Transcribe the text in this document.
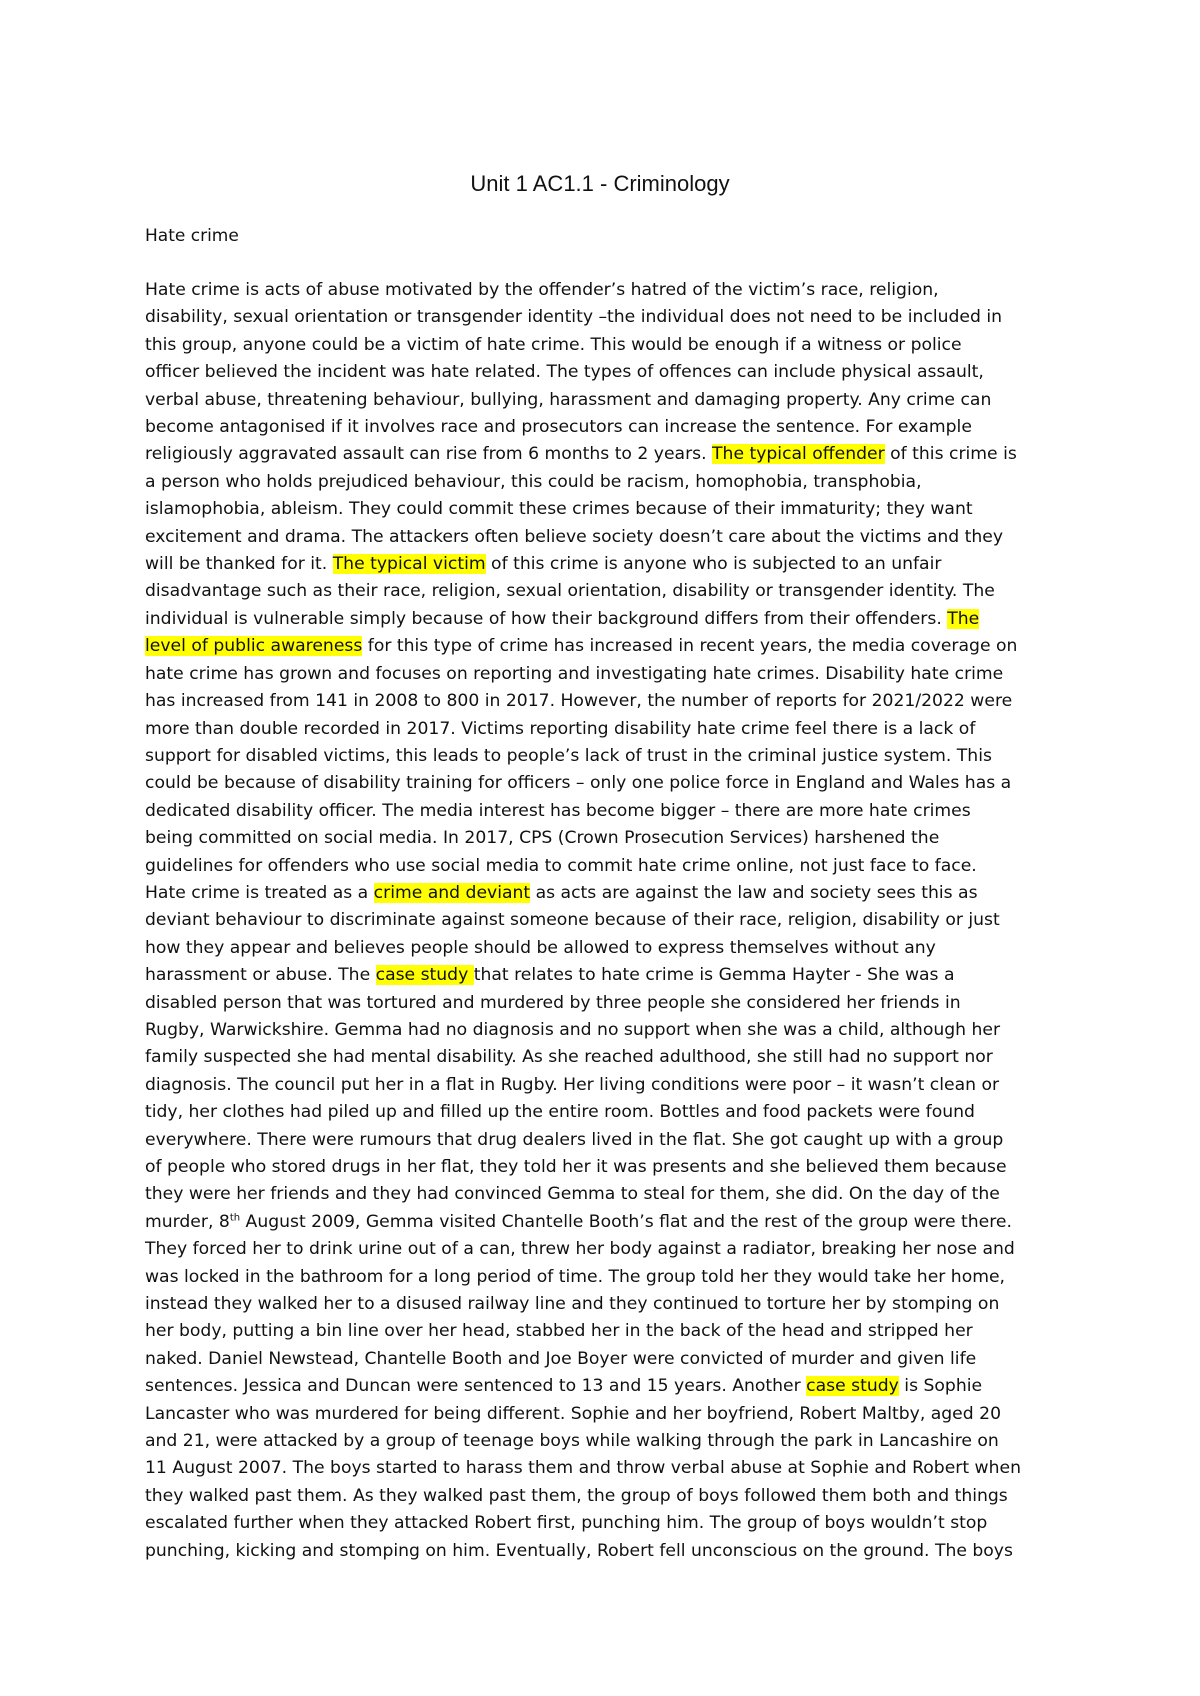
Unit 1 AC1.1 - Criminology

Hate crime

Hate crime is acts of abuse motivated by the offender’s hatred of the victim’s race, religion,
disability, sexual orientation or transgender identity –the individual does not need to be included in
this group, anyone could be a victim of hate crime. This would be enough if a witness or police
officer believed the incident was hate related. The types of offences can include physical assault,
verbal abuse, threatening behaviour, bullying, harassment and damaging property. Any crime can
become antagonised if it involves race and prosecutors can increase the sentence. For example
religiously aggravated assault can rise from 6 months to 2 years. The typical offender of this crime is
a person who holds prejudiced behaviour, this could be racism, homophobia, transphobia,
islamophobia, ableism. They could commit these crimes because of their immaturity; they want
excitement and drama. The attackers often believe society doesn’t care about the victims and they
will be thanked for it. The typical victim of this crime is anyone who is subjected to an unfair
disadvantage such as their race, religion, sexual orientation, disability or transgender identity. The
individual is vulnerable simply because of how their background differs from their offenders. The
level of public awareness for this type of crime has increased in recent years, the media coverage on
hate crime has grown and focuses on reporting and investigating hate crimes. Disability hate crime
has increased from 141 in 2008 to 800 in 2017. However, the number of reports for 2021/2022 were
more than double recorded in 2017. Victims reporting disability hate crime feel there is a lack of
support for disabled victims, this leads to people’s lack of trust in the criminal justice system. This
could be because of disability training for officers – only one police force in England and Wales has a
dedicated disability officer. The media interest has become bigger – there are more hate crimes
being committed on social media. In 2017, CPS (Crown Prosecution Services) harshened the
guidelines for offenders who use social media to commit hate crime online, not just face to face.
Hate crime is treated as a crime and deviant as acts are against the law and society sees this as
deviant behaviour to discriminate against someone because of their race, religion, disability or just
how they appear and believes people should be allowed to express themselves without any
harassment or abuse. The case study that relates to hate crime is Gemma Hayter - She was a
disabled person that was tortured and murdered by three people she considered her friends in
Rugby, Warwickshire. Gemma had no diagnosis and no support when she was a child, although her
family suspected she had mental disability. As she reached adulthood, she still had no support nor
diagnosis. The council put her in a flat in Rugby. Her living conditions were poor – it wasn’t clean or
tidy, her clothes had piled up and filled up the entire room. Bottles and food packets were found
everywhere. There were rumours that drug dealers lived in the flat. She got caught up with a group
of people who stored drugs in her flat, they told her it was presents and she believed them because
they were her friends and they had convinced Gemma to steal for them, she did. On the day of the
murder, 8th August 2009, Gemma visited Chantelle Booth’s flat and the rest of the group were there.
They forced her to drink urine out of a can, threw her body against a radiator, breaking her nose and
was locked in the bathroom for a long period of time. The group told her they would take her home,
instead they walked her to a disused railway line and they continued to torture her by stomping on
her body, putting a bin line over her head, stabbed her in the back of the head and stripped her
naked. Daniel Newstead, Chantelle Booth and Joe Boyer were convicted of murder and given life
sentences. Jessica and Duncan were sentenced to 13 and 15 years. Another case study is Sophie
Lancaster who was murdered for being different. Sophie and her boyfriend, Robert Maltby, aged 20
and 21, were attacked by a group of teenage boys while walking through the park in Lancashire on
11 August 2007. The boys started to harass them and throw verbal abuse at Sophie and Robert when
they walked past them. As they walked past them, the group of boys followed them both and things
escalated further when they attacked Robert first, punching him. The group of boys wouldn’t stop
punching, kicking and stomping on him. Eventually, Robert fell unconscious on the ground. The boys
